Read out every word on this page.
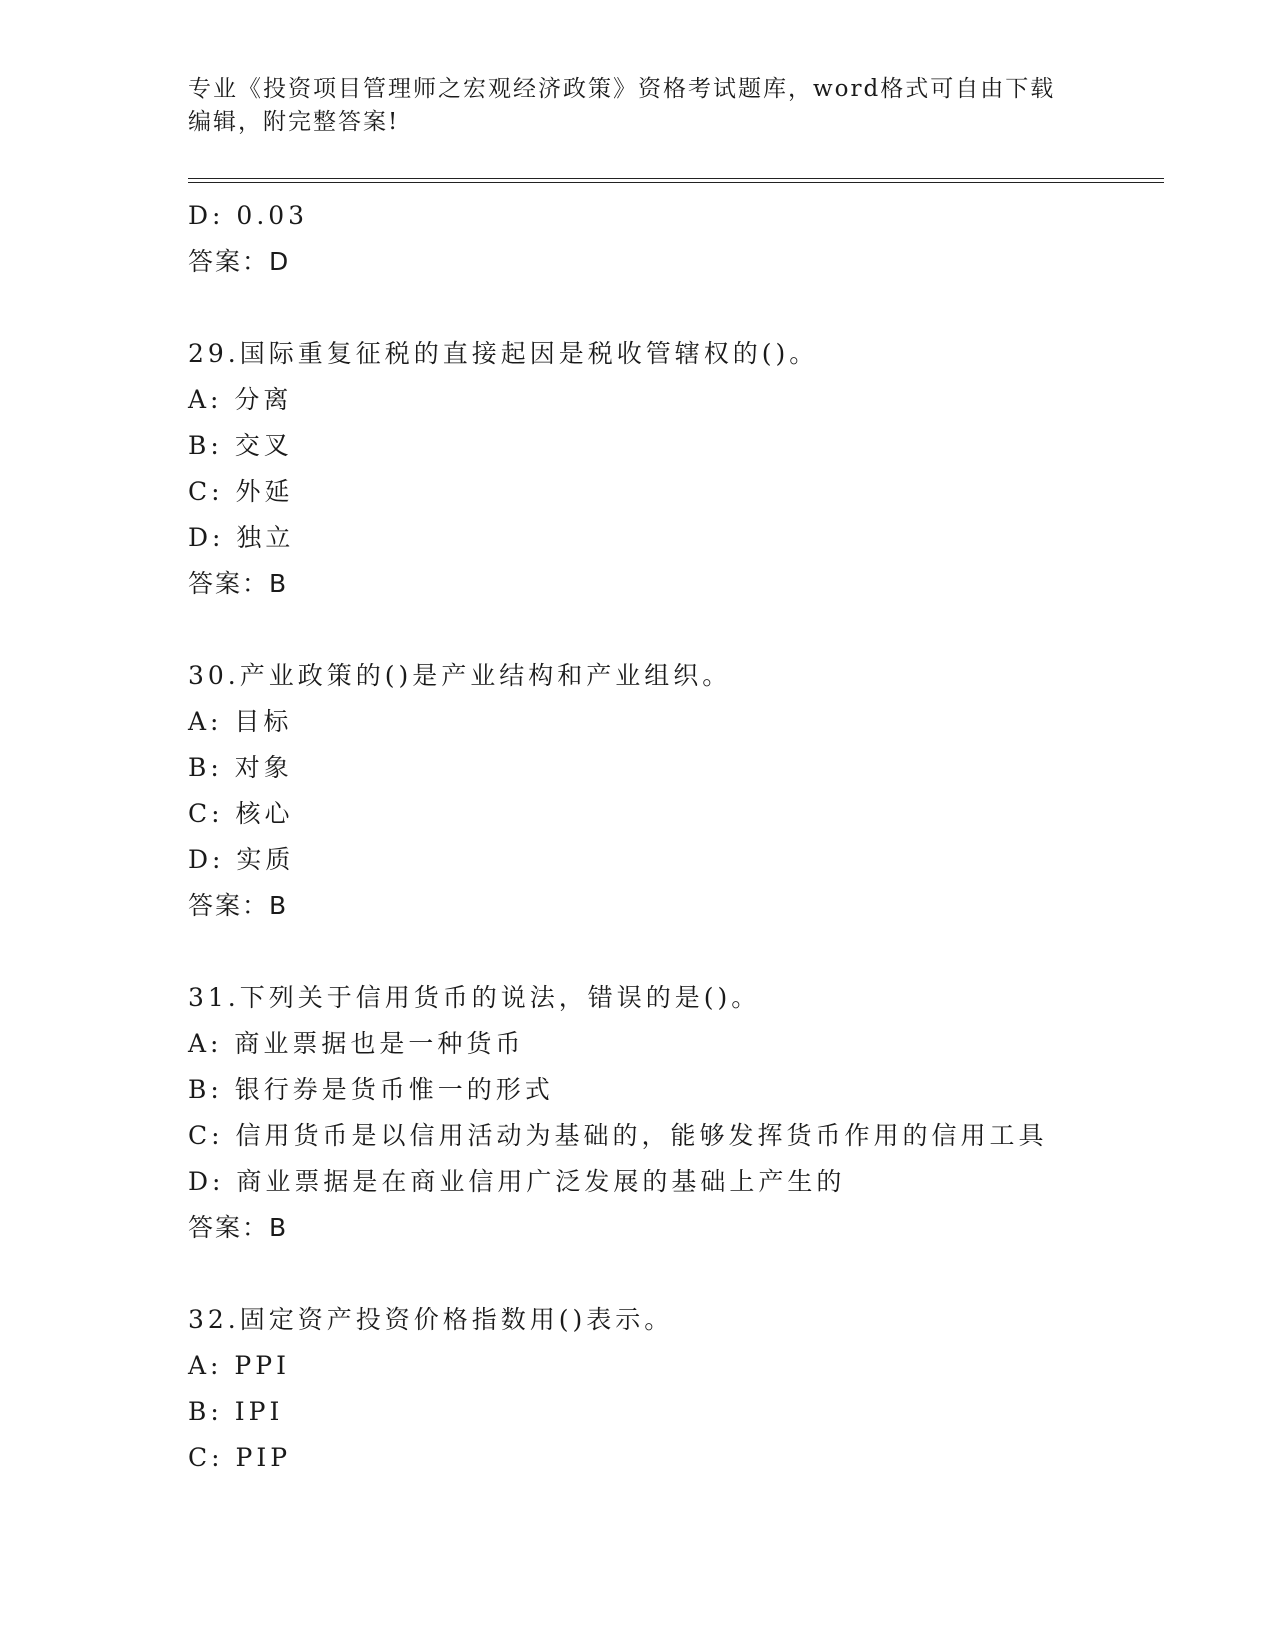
专业《投资项目管理师之宏观经济政策》资格考试题库，word格式可自由下载编辑，附完整答案!
D: 0.03
答案：D
29.国际重复征税的直接起因是税收管辖权的()。
A: 分离
B: 交叉
C: 外延
D: 独立
答案：B
30.产业政策的()是产业结构和产业组织。
A: 目标
B: 对象
C: 核心
D: 实质
答案：B
31.下列关于信用货币的说法，错误的是()。
A: 商业票据也是一种货币
B: 银行券是货币惟一的形式
C: 信用货币是以信用活动为基础的，能够发挥货币作用的信用工具
D: 商业票据是在商业信用广泛发展的基础上产生的
答案：B
32.固定资产投资价格指数用()表示。
A: PPI
B: IPI
C: PIP
